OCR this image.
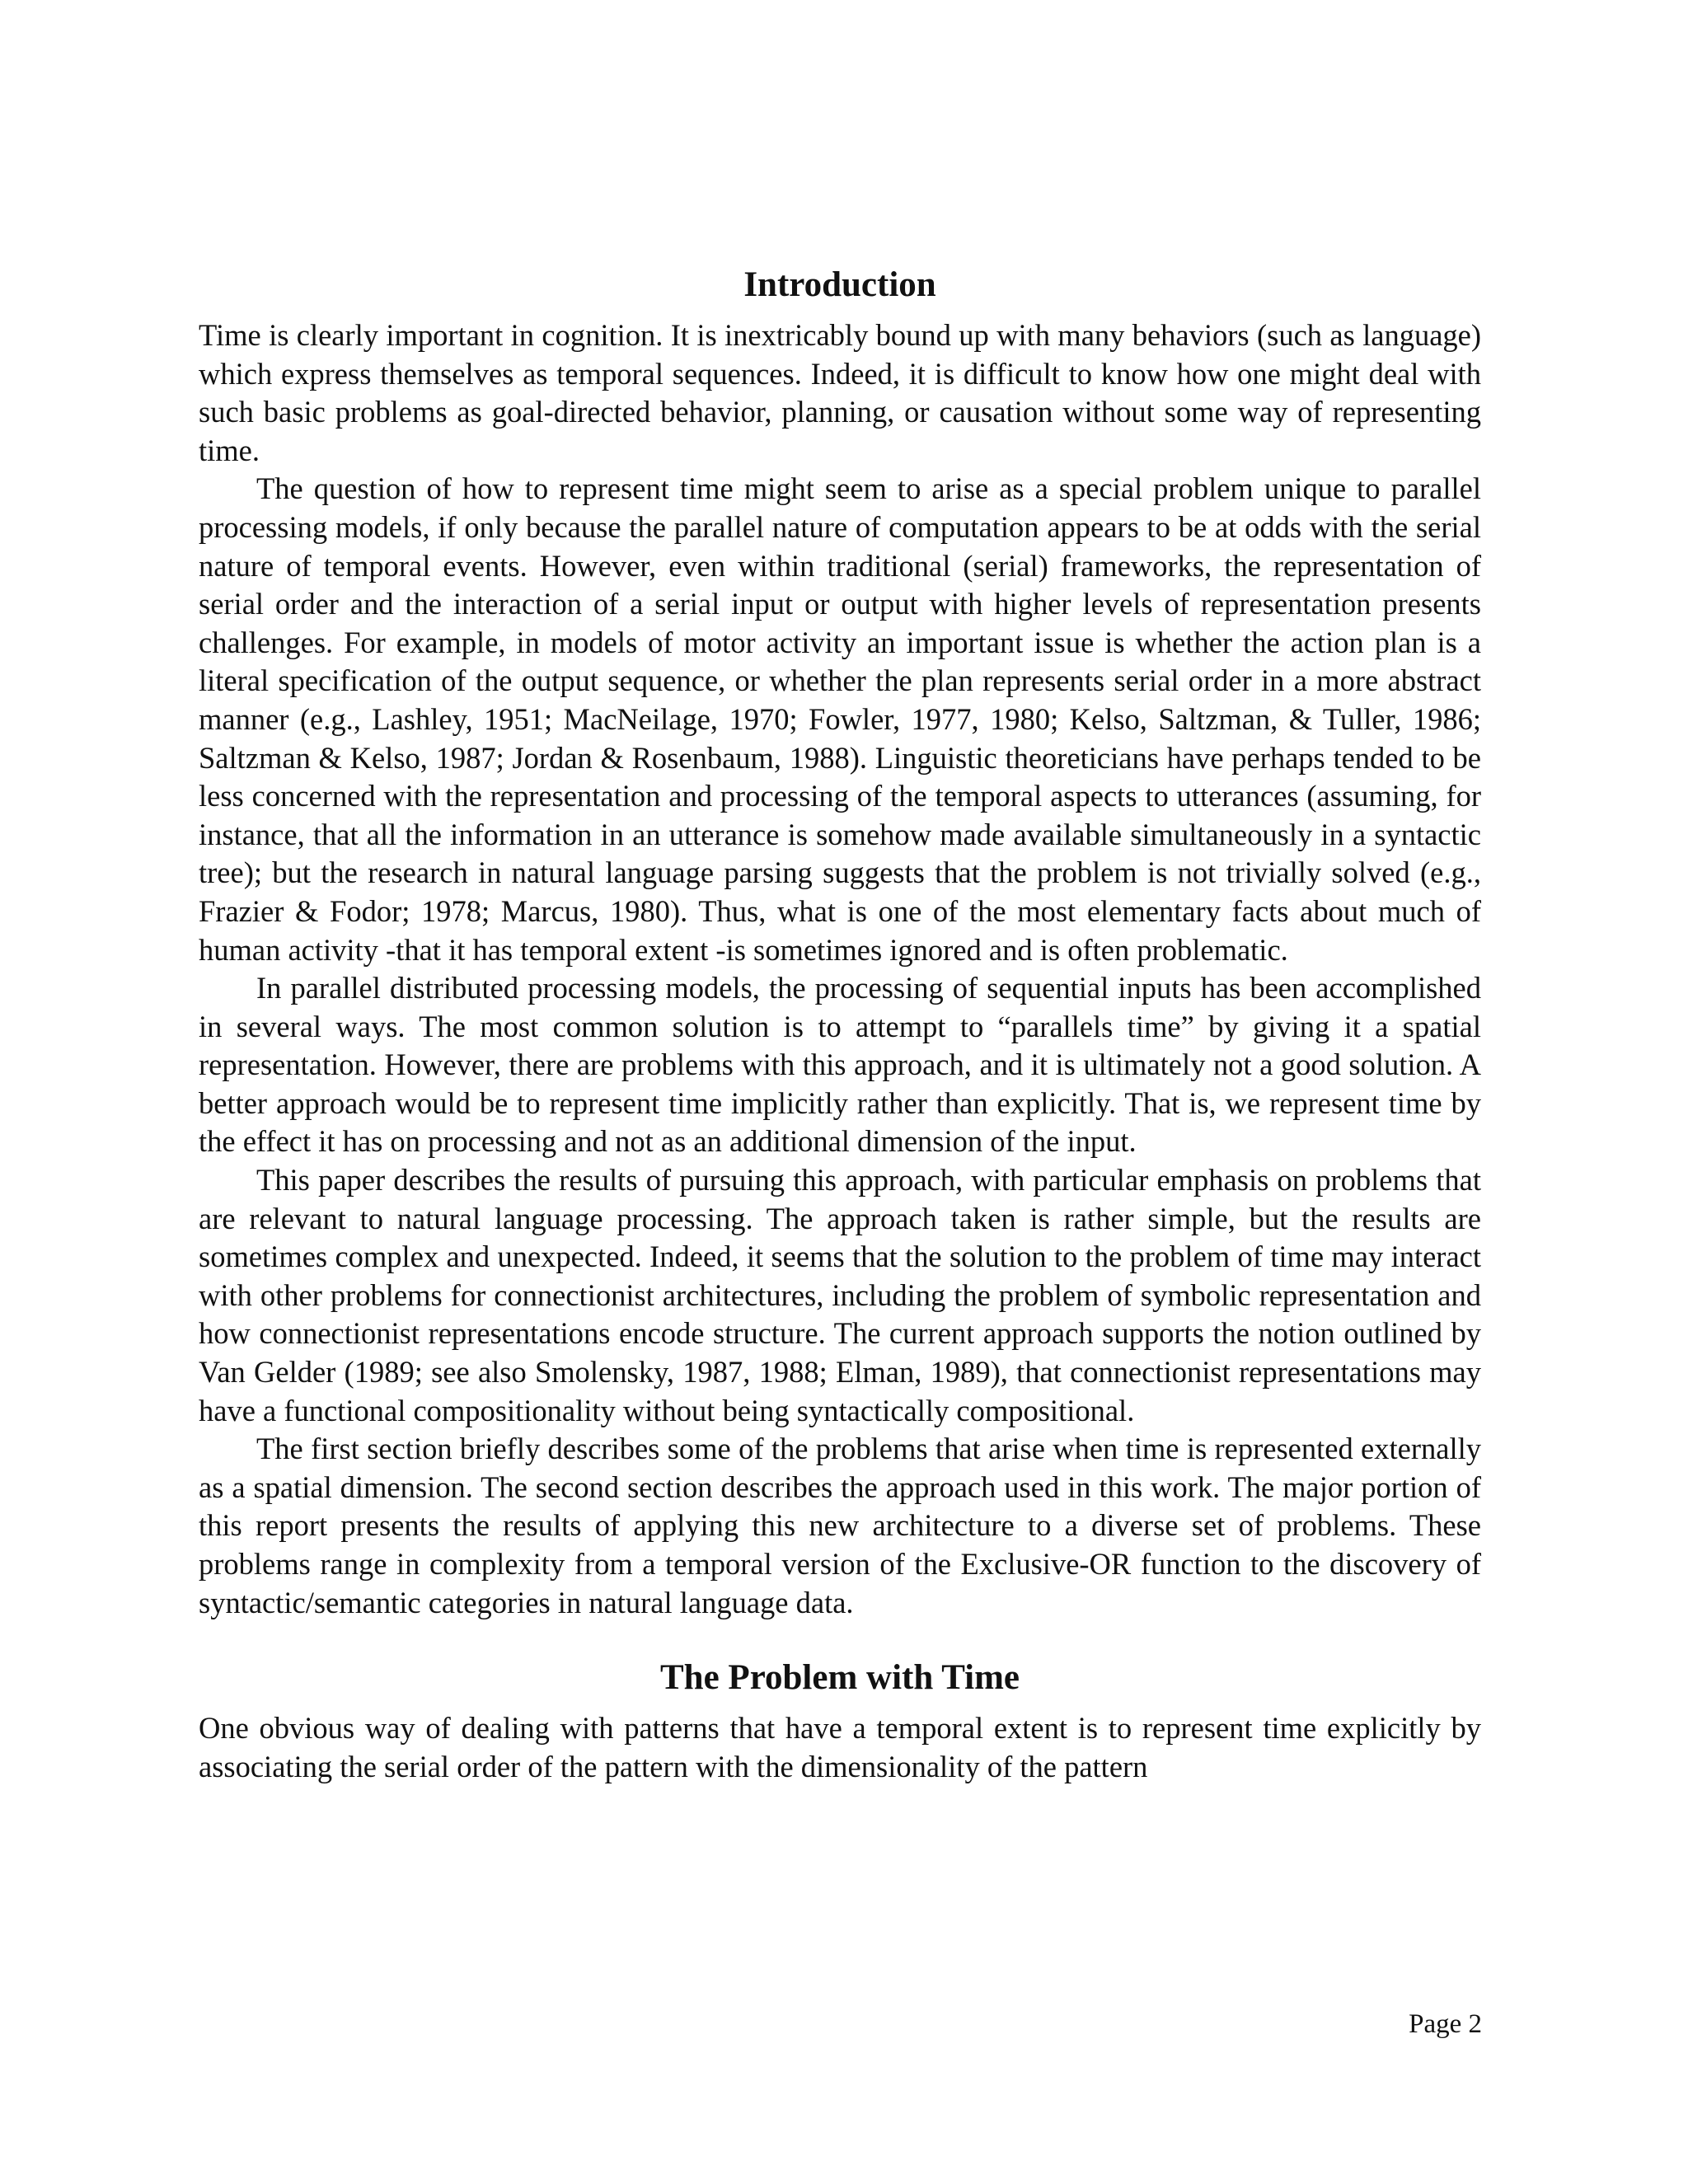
Introduction

Time is clearly important in cognition. It is inextricably bound up with many behaviors (such as language) which express themselves as temporal sequences. Indeed, it is difficult to know how one might deal with such basic problems as goal-directed behavior, planning, or causation without some way of representing time.

The question of how to represent time might seem to arise as a special problem unique to parallel processing models, if only because the parallel nature of computation appears to be at odds with the serial nature of temporal events. However, even within traditional (serial) frameworks, the representation of serial order and the interaction of a serial input or output with higher levels of representation presents challenges. For example, in models of motor activity an important issue is whether the action plan is a literal specification of the output sequence, or whether the plan represents serial order in a more abstract manner (e.g., Lashley, 1951; MacNeilage, 1970; Fowler, 1977, 1980; Kelso, Saltzman, & Tuller, 1986; Saltzman & Kelso, 1987; Jordan & Rosenbaum, 1988). Linguistic theoreticians have perhaps tended to be less concerned with the representation and processing of the temporal aspects to utterances (assuming, for instance, that all the information in an utterance is somehow made available simultaneously in a syntactic tree); but the research in natural language parsing suggests that the problem is not trivially solved (e.g., Frazier & Fodor; 1978; Marcus, 1980). Thus, what is one of the most elementary facts about much of human activity -that it has temporal extent -is sometimes ignored and is often problematic.

In parallel distributed processing models, the processing of sequential inputs has been accomplished in several ways. The most common solution is to attempt to “parallels time” by giving it a spatial representation. However, there are problems with this approach, and it is ultimately not a good solution. A better approach would be to represent time implicitly rather than explicitly. That is, we represent time by the effect it has on processing and not as an additional dimension of the input.

This paper describes the results of pursuing this approach, with particular emphasis on problems that are relevant to natural language processing. The approach taken is rather simple, but the results are sometimes complex and unexpected. Indeed, it seems that the solution to the problem of time may interact with other problems for connectionist architectures, including the problem of symbolic representation and how connectionist representations encode structure. The current approach supports the notion outlined by Van Gelder (1989; see also Smolensky, 1987, 1988; Elman, 1989), that connectionist representations may have a functional compositionality without being syntactically compositional.

The first section briefly describes some of the problems that arise when time is represented externally as a spatial dimension. The second section describes the approach used in this work. The major portion of this report presents the results of applying this new architecture to a diverse set of problems. These problems range in complexity from a temporal version of the Exclusive-OR function to the discovery of syntactic/semantic categories in natural language data.

The Problem with Time

One obvious way of dealing with patterns that have a temporal extent is to represent time explicitly by associating the serial order of the pattern with the dimensionality of the pattern

Page 2
